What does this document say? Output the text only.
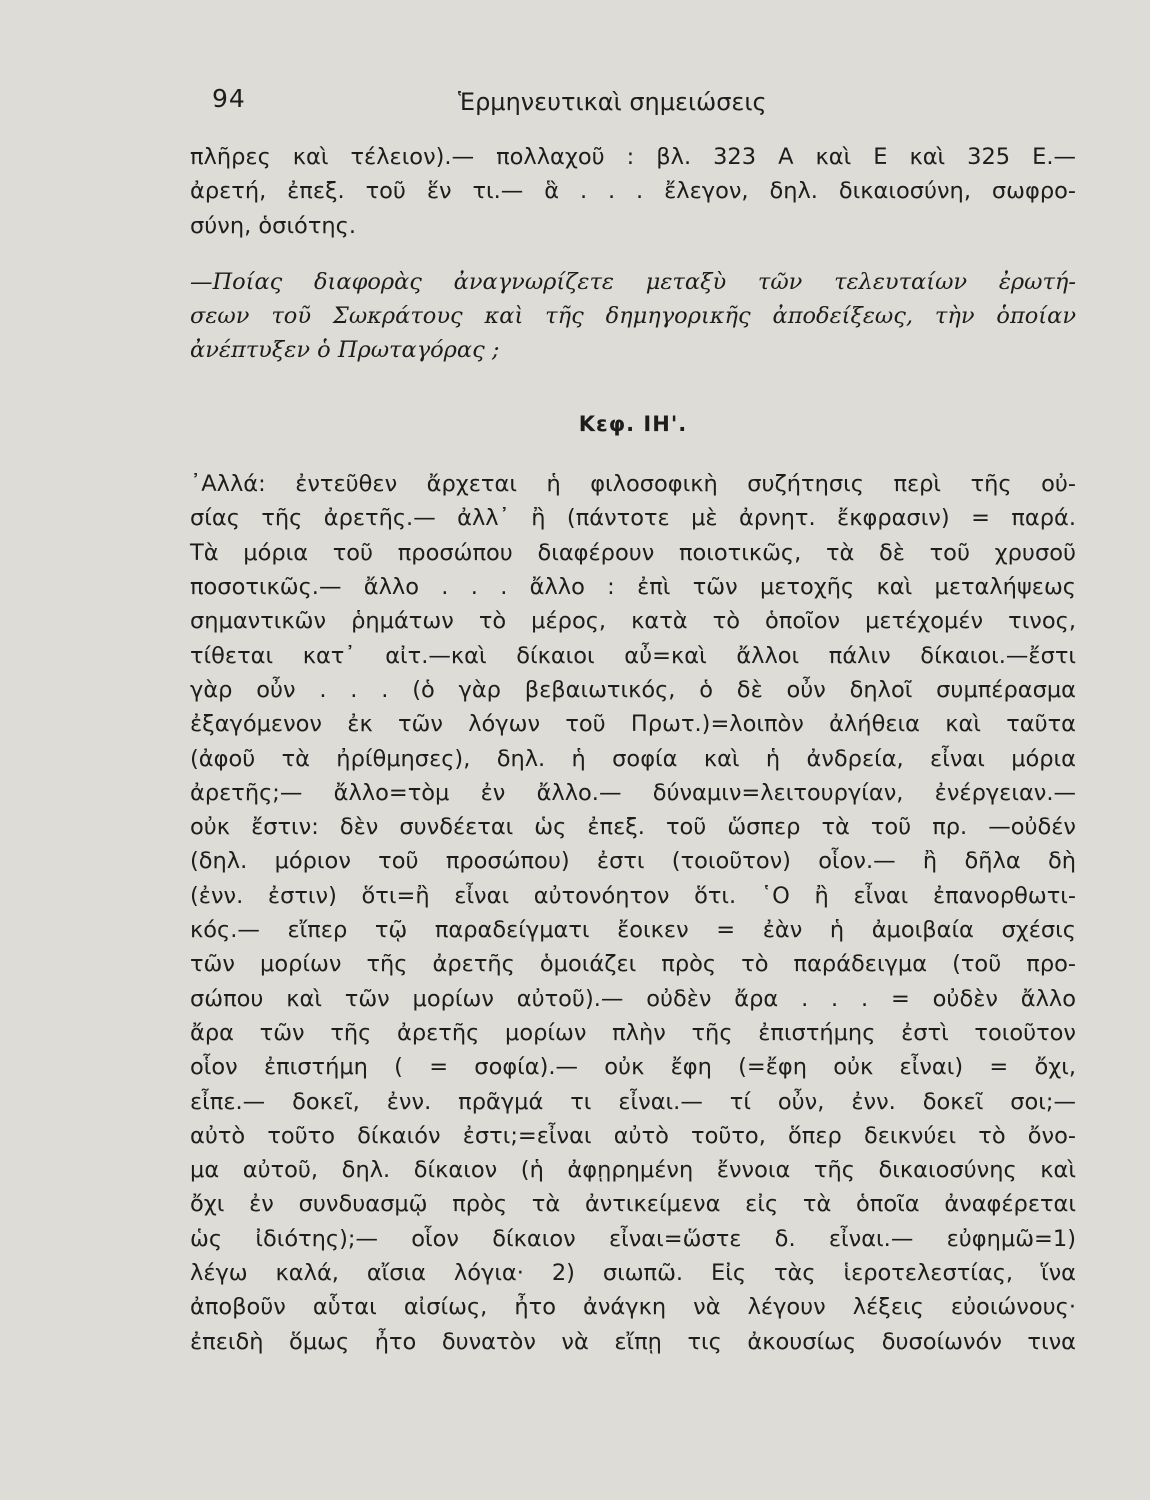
94	Ἑρμηνευτικαὶ σημειώσεις

πλῆρες καὶ τέλειον).— πολλαχοῦ : βλ. 323 Α καὶ Ε καὶ 325 Ε.—
ἀρετή, ἐπεξ. τοῦ ἕν τι.— ἃ . . . ἔλεγον, δηλ. δικαιοσύνη, σωφρο-
σύνη, ὁσιότης.

—Ποίας διαφορὰς ἀναγνωρίζετε μεταξὺ τῶν τελευταίων ἐρωτή-
σεων τοῦ Σωκράτους καὶ τῆς δημηγορικῆς ἀποδείξεως, τὴν ὁποίαν
ἀνέπτυξεν ὁ Πρωταγόρας ;

Κεφ. ΙΗ'.

᾿Αλλά: ἐντεῦθεν ἄρχεται ἡ φιλοσοφικὴ συζήτησις περὶ τῆς οὐ-
σίας τῆς ἀρετῆς.— ἀλλ᾿ ἢ (πάντοτε μὲ ἀρνητ. ἔκφρασιν) = παρά.
Τὰ μόρια τοῦ προσώπου διαφέρουν ποιοτικῶς, τὰ δὲ τοῦ χρυσοῦ
ποσοτικῶς.— ἄλλο . . . ἄλλο : ἐπὶ τῶν μετοχῆς καὶ μεταλήψεως
σημαντικῶν ῥημάτων τὸ μέρος, κατὰ τὸ ὁποῖον μετέχομέν τινος,
τίθεται κατ᾿ αἰτ.—καὶ δίκαιοι αὖ=καὶ ἄλλοι πάλιν δίκαιοι.—ἔστι
γὰρ οὖν . . . (ὁ γὰρ βεβαιωτικός, ὁ δὲ οὖν δηλοῖ συμπέρασμα
ἐξαγόμενον ἐκ τῶν λόγων τοῦ Πρωτ.)=λοιπὸν ἀλήθεια καὶ ταῦτα
(ἀφοῦ τὰ ἠρίθμησες), δηλ. ἡ σοφία καὶ ἡ ἀνδρεία, εἶναι μόρια
ἀρετῆς;— ἄλλο=τὸμ ἐν ἄλλο.— δύναμιν=λειτουργίαν, ἐνέργειαν.—
οὐκ ἔστιν: δὲν συνδέεται ὡς ἐπεξ. τοῦ ὥσπερ τὰ τοῦ πρ. —οὐδέν
(δηλ. μόριον τοῦ προσώπου) ἐστι (τοιοῦτον) οἷον.— ἢ δῆλα δὴ
(ἐνν. ἐστιν) ὅτι=ἢ εἶναι αὐτονόητον ὅτι. ῾Ο ἢ εἶναι ἐπανορθωτι-
κός.— εἴπερ τῷ παραδείγματι ἔοικεν = ἐὰν ἡ ἀμοιβαία σχέσις
τῶν μορίων τῆς ἀρετῆς ὁμοιάζει πρὸς τὸ παράδειγμα (τοῦ προ-
σώπου καὶ τῶν μορίων αὐτοῦ).— οὐδὲν ἄρα . . . = οὐδὲν ἄλλο
ἄρα τῶν τῆς ἀρετῆς μορίων πλὴν τῆς ἐπιστήμης ἐστὶ τοιοῦτον
οἷον ἐπιστήμη ( = σοφία).— οὐκ ἔφη (=ἔφη οὐκ εἶναι) = ὄχι,
εἶπε.— δοκεῖ, ἐνν. πρᾶγμά τι εἶναι.— τί οὖν, ἐνν. δοκεῖ σοι;—
αὐτὸ τοῦτο δίκαιόν ἐστι;=εἶναι αὐτὸ τοῦτο, ὅπερ δεικνύει τὸ ὄνο-
μα αὐτοῦ, δηλ. δίκαιον (ἡ ἀφῃρημένη ἔννοια τῆς δικαιοσύνης καὶ
ὄχι ἐν συνδυασμῷ πρὸς τὰ ἀντικείμενα εἰς τὰ ὁποῖα ἀναφέρεται
ὡς ἰδιότης);— οἷον δίκαιον εἶναι=ὥστε δ. εἶναι.— εὐφημῶ=1)
λέγω καλά, αἴσια λόγια· 2) σιωπῶ. Εἰς τὰς ἱεροτελεστίας, ἵνα
ἀποβοῦν αὗται αἰσίως, ἦτο ἀνάγκη νὰ λέγουν λέξεις εὐοιώνους·
ἐπειδὴ ὅμως ἦτο δυνατὸν νὰ εἴπῃ τις ἀκουσίως δυσοίωνόν τινα
